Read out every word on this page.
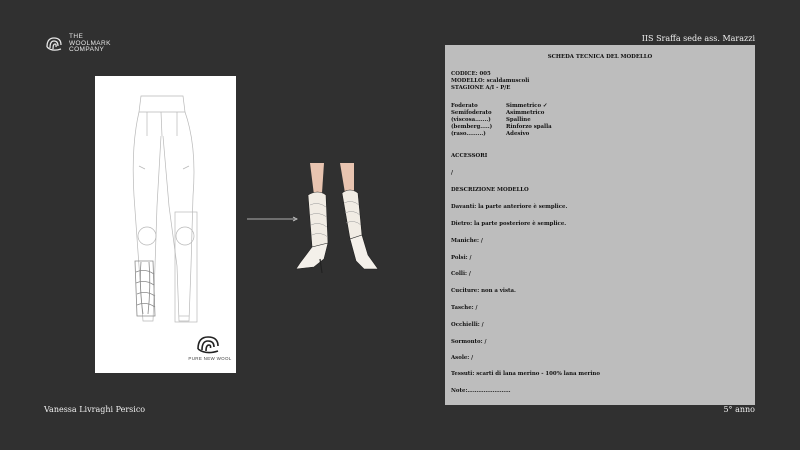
THE
WOOLMARK
COMPANY
IIS Sraffa sede ass. Marazzi
Vanessa Livraghi Persico	5° anno
PURE NEW WOOL
SCHEDA TECNICA DEL MODELLO
CODICE: 005
MODELLO: scaldamuscoli
STAGIONE A/I - P/E
Foderato
Semifoderato
(viscosa.......)
(bemberg.....)
(raso.........)
Simmetrico ✓
Asimmetrico
Spalline
Rinforzo spalla
Adesivo
ACCESSORI
/
DESCRIZIONE MODELLO
Davanti: la parte anteriore è semplice.
Dietro: la parte posteriore è semplice.
Maniche: /
Polsi: /
Colli: /
Cuciture: non a vista.
Tasche: /
Occhielli: /
Sormonto: /
Asole: /
Tessuti: scarti di lana merino - 100% lana merino
Note:……………………
